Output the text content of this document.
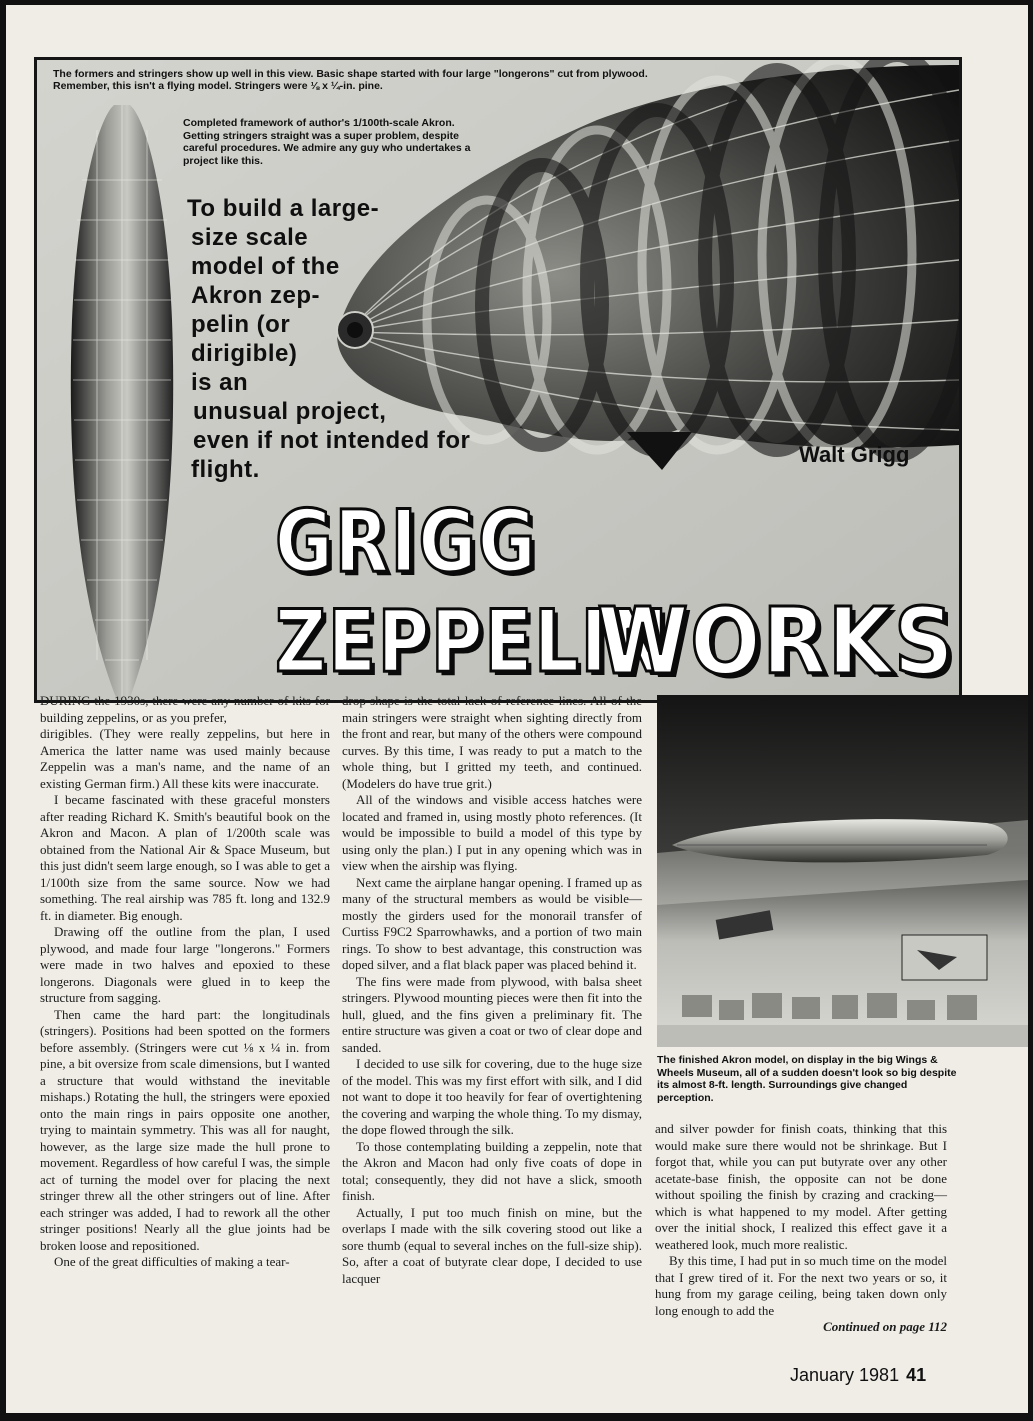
The formers and stringers show up well in this view. Basic shape started with four large "longerons" cut from plywood. Remember, this isn't a flying model. Stringers were ⅛ x ¼-in. pine.
Completed framework of author's 1/100th-scale Akron. Getting stringers straight was a super problem, despite careful procedures. We admire any guy who undertakes a project like this.
To build a large-
size scale
model of the
Akron zep-
pelin (or
dirigible)
is an
unusual project,
even if not intended for
flight.
Walt Grigg
GRIGG ZEPPELIN
WORKS

DURING the 1930s, there were any number of kits for building zeppelins, or as you prefer,

dirigibles. (They were really zeppelins, but here in America the latter name was used mainly because Zeppelin was a man's name, and the name of an existing German firm.) All these kits were inaccurate.

I became fascinated with these graceful monsters after reading Richard K. Smith's beautiful book on the Akron and Macon. A plan of 1/200th scale was obtained from the National Air & Space Museum, but this just didn't seem large enough, so I was able to get a 1/100th size from the same source. Now we had something. The real airship was 785 ft. long and 132.9 ft. in diameter. Big enough.

Drawing off the outline from the plan, I used plywood, and made four large "longerons." Formers were made in two halves and epoxied to these longerons. Diagonals were glued in to keep the structure from sagging.

Then came the hard part: the longitudinals (stringers). Positions had been spotted on the formers before assembly. (Stringers were cut ⅛ x ¼ in. from pine, a bit oversize from scale dimensions, but I wanted a structure that would withstand the inevitable mishaps.) Rotating the hull, the stringers were epoxied onto the main rings in pairs opposite one another, trying to maintain symmetry. This was all for naught, however, as the large size made the hull prone to movement. Regardless of how careful I was, the simple act of turning the model over for placing the next stringer threw all the other stringers out of line. After each stringer was added, I had to rework all the other stringer positions! Nearly all the glue joints had be broken loose and repositioned.

One of the great difficulties of making a tear-

drop shape is the total lack of reference lines. All of the main stringers were straight when sighting directly from the front and rear, but many of the others were compound curves. By this time, I was ready to put a match to the whole thing, but I gritted my teeth, and continued. (Modelers do have true grit.)

All of the windows and visible access hatches were located and framed in, using mostly photo references. (It would be impossible to build a model of this type by using only the plan.) I put in any opening which was in view when the airship was flying.

Next came the airplane hangar opening. I framed up as many of the structural members as would be visible—mostly the girders used for the monorail transfer of Curtiss F9C2 Sparrowhawks, and a portion of two main rings. To show to best advantage, this construction was doped silver, and a flat black paper was placed behind it.

The fins were made from plywood, with balsa sheet stringers. Plywood mounting pieces were then fit into the hull, glued, and the fins given a preliminary fit. The entire structure was given a coat or two of clear dope and sanded.

I decided to use silk for covering, due to the huge size of the model. This was my first effort with silk, and I did not want to dope it too heavily for fear of overtightening the covering and warping the whole thing. To my dismay, the dope flowed through the silk.

To those contemplating building a zeppelin, note that the Akron and Macon had only five coats of dope in total; consequently, they did not have a slick, smooth finish.

Actually, I put too much finish on mine, but the overlaps I made with the silk covering stood out like a sore thumb (equal to several inches on the full-size ship). So, after a coat of butyrate clear dope, I decided to use lacquer

The finished Akron model, on display in the big Wings & Wheels Museum, all of a sudden doesn't look so big despite its almost 8-ft. length. Surroundings give changed perception.

and silver powder for finish coats, thinking that this would make sure there would not be shrinkage. But I forgot that, while you can put butyrate over any other acetate-base finish, the opposite can not be done without spoiling the finish by crazing and cracking—which is what happened to my model. After getting over the initial shock, I realized this effect gave it a weathered look, much more realistic.

By this time, I had put in so much time on the model that I grew tired of it. For the next two years or so, it hung from my garage ceiling, being taken down only long enough to add the

Continued on page 112

January 1981 41
